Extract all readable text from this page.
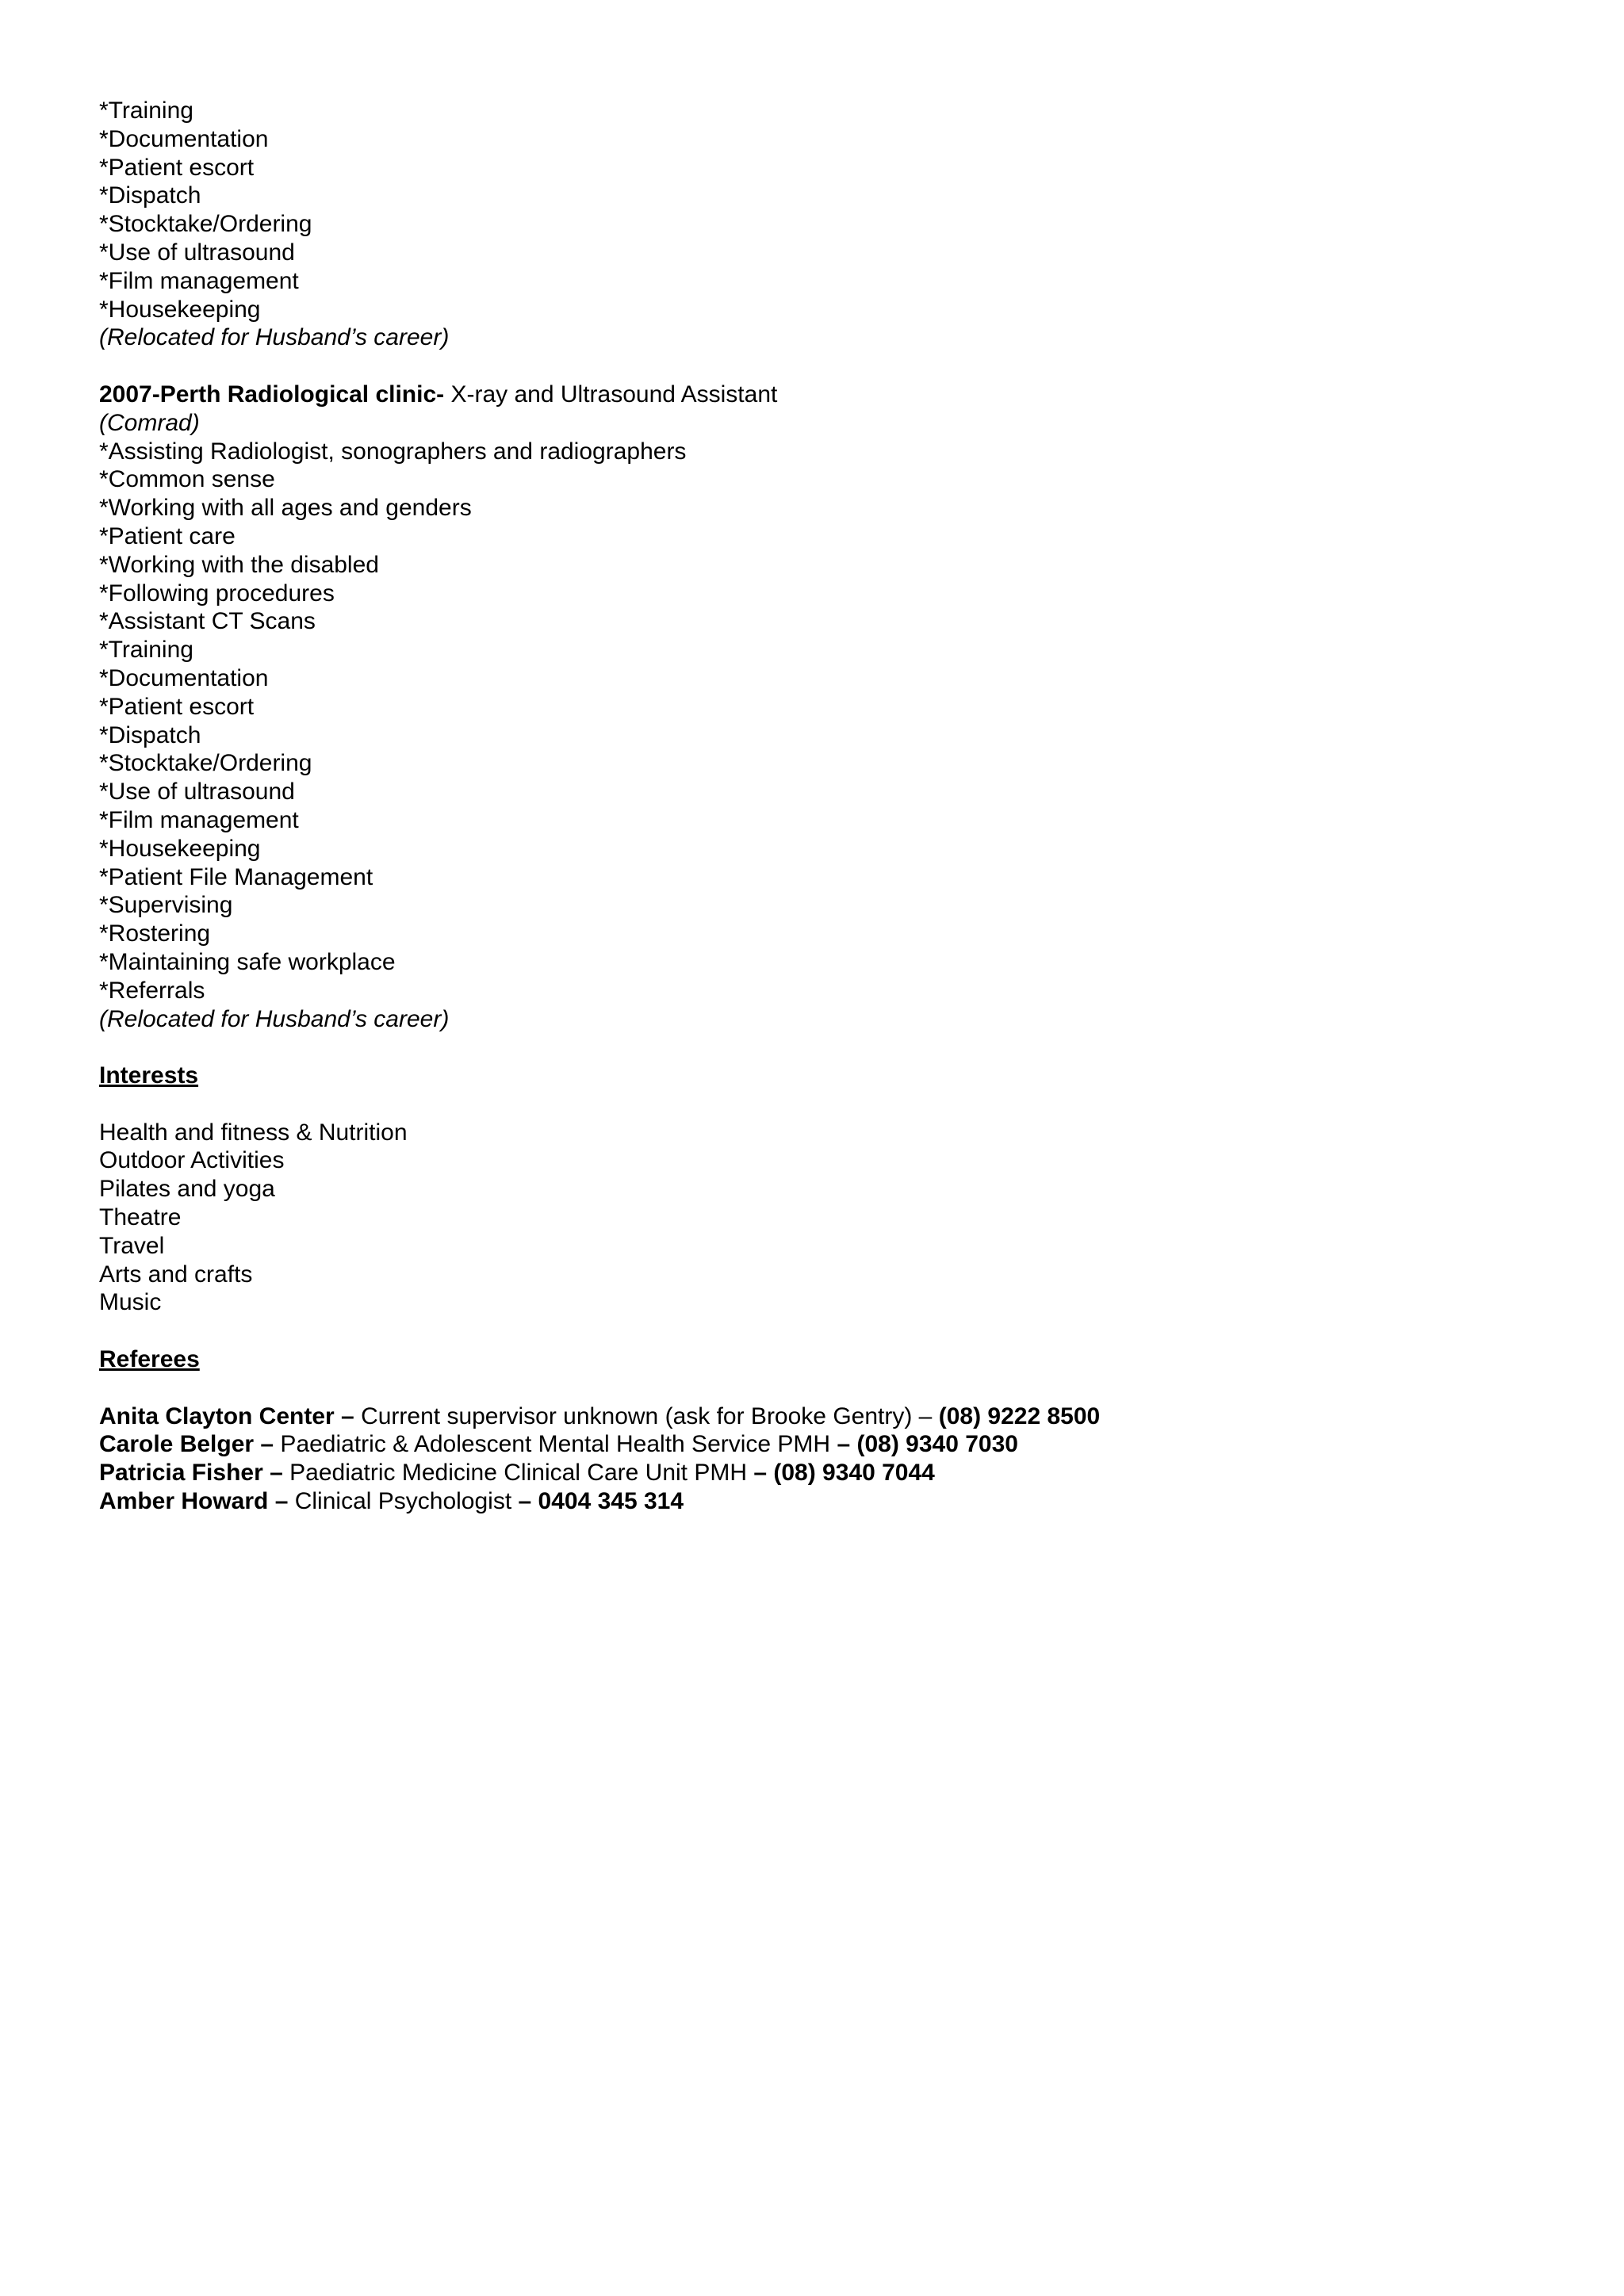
*Training
*Documentation
*Patient escort
*Dispatch
*Stocktake/Ordering
*Use of ultrasound
*Film management
*Housekeeping
(Relocated for Husband’s career)
2007-Perth Radiological clinic- X-ray and Ultrasound Assistant
(Comrad)
*Assisting Radiologist, sonographers and radiographers
*Common sense
*Working with all ages and genders
*Patient care
*Working with the disabled
*Following procedures
*Assistant CT Scans
*Training
*Documentation
*Patient escort
*Dispatch
*Stocktake/Ordering
*Use of ultrasound
*Film management
*Housekeeping
*Patient File Management
*Supervising
*Rostering
*Maintaining safe workplace
*Referrals
(Relocated for Husband’s career)
Interests
Health and fitness & Nutrition
Outdoor Activities
Pilates and yoga
Theatre
Travel
Arts and crafts
Music
Referees
Anita Clayton Center – Current supervisor unknown (ask for Brooke Gentry) – (08) 9222 8500
Carole Belger – Paediatric & Adolescent Mental Health Service PMH – (08) 9340 7030
Patricia Fisher – Paediatric Medicine Clinical Care Unit PMH – (08) 9340 7044
Amber Howard – Clinical Psychologist – 0404 345 314
